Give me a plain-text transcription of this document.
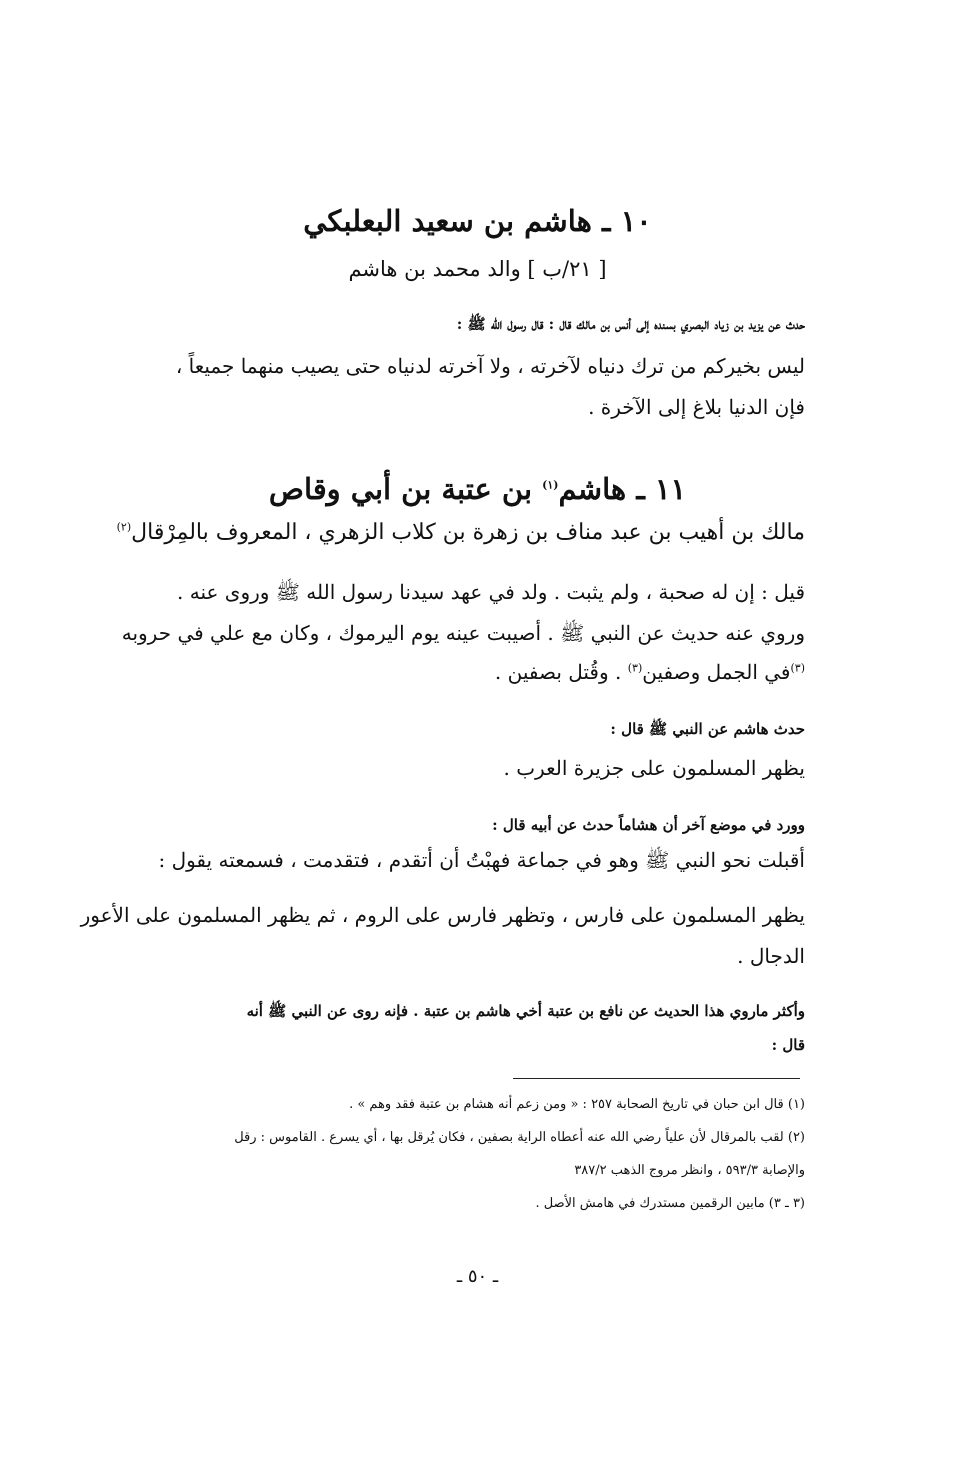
١٠ ـ هاشم بن سعيد البعلبكي
[ ٢١/ب ] والد محمد بن هاشم
حدث عن يزيد بن زياد البصري بسنده إلى أنس بن مالك قال : قال رسول الله ﷺ :
ليس بخيركم من ترك دنياه لآخرته ، ولا آخرته لدنياه حتى يصيب منهما جميعاً ،
فإن الدنيا بلاغ إلى الآخرة .
١١ ـ هاشم$^{(١)}$ بن عتبة بن أبي وقاص
مالك بن أهيب بن عبد مناف بن زهرة بن كلاب الزهري ، المعروف بالمِرْقال$^{(٢)}$
قيل : إن له صحبة ، ولم يثبت . ولد في عهد سيدنا رسول الله ﷺ وروى عنه .
وروي عنه حديث عن النبي ﷺ . أصيبت عينه يوم اليرموك ، وكان مع علي في حروبه
$^{(٣)}$في الجمل وصفين$^{(٣)}$ . وقُتل بصفين .
حدث هاشم عن النبي ﷺ قال :
يظهر المسلمون على جزيرة العرب .
وورد في موضع آخر أن هشاماً حدث عن أبيه قال :
أقبلت نحو النبي ﷺ وهو في جماعة فهبْتُ أن أتقدم ، فتقدمت ، فسمعته يقول :
يظهر المسلمون على فارس ، وتظهر فارس على الروم ، ثم يظهر المسلمون على الأعور
الدجال .
وأكثر ماروي هذا الحديث عن نافع بن عتبة أخي هاشم بن عتبة . فإنه روى عن النبي ﷺ أنه
قال :
(١) قال ابن حبان في تاريخ الصحابة ٢٥٧ : « ومن زعم أنه هشام بن عتبة فقد وهم » .
(٢) لقب بالمرقال لأن علياً رضي الله عنه أعطاه الراية بصفين ، فكان يُرقل بها ، أي يسرع . القاموس : رقل
والإصابة ٥٩٣/٣ ، وانظر مروج الذهب ٣٨٧/٢
(٣ ـ ٣) مابين الرقمين مستدرك في هامش الأصل .
ـ ٥٠ ـ
